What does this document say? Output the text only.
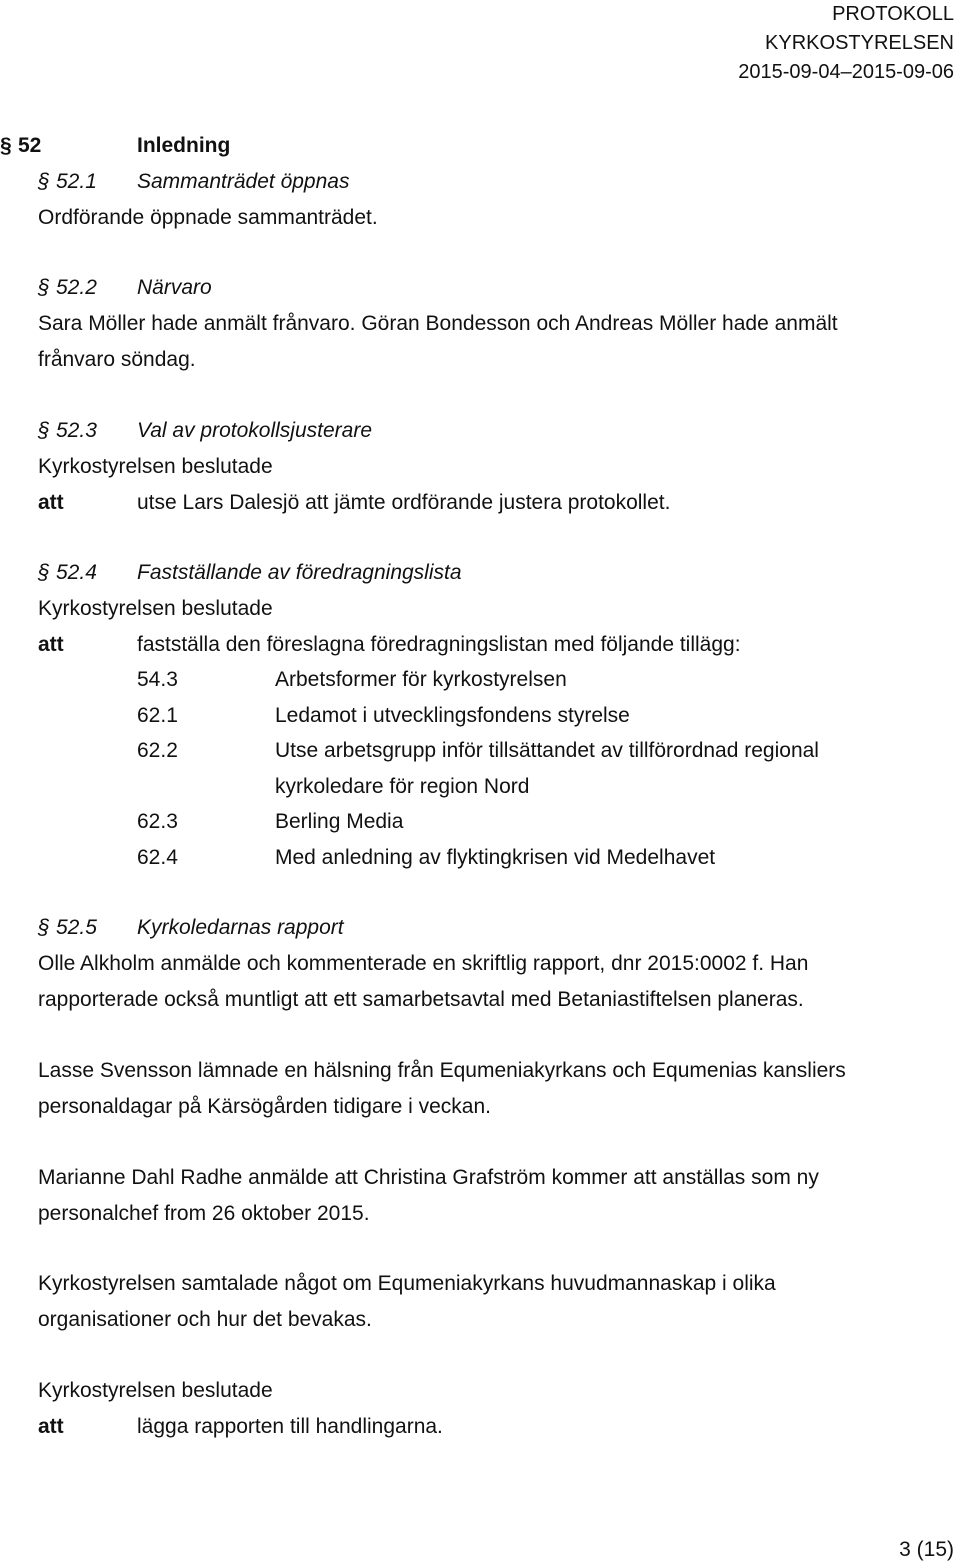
PROTOKOLL
KYRKOSTYRELSEN
2015-09-04–2015-09-06
§ 52	Inledning
§ 52.1 Sammanträdet öppnas
Ordförande öppnade sammanträdet.
§ 52.2 Närvaro
Sara Möller hade anmält frånvaro. Göran Bondesson och Andreas Möller hade anmält
frånvaro söndag.
§ 52.3 Val av protokollsjusterare
Kyrkostyrelsen beslutade
att	utse Lars Dalesjö att jämte ordförande justera protokollet.
§ 52.4 Fastställande av föredragningslista
Kyrkostyrelsen beslutade
att	fastställa den föreslagna föredragningslistan med följande tillägg:
54.3	Arbetsformer för kyrkostyrelsen
62.1	Ledamot i utvecklingsfondens styrelse
62.2	Utse arbetsgrupp inför tillsättandet av tillförordnad regional
kyrkoledare för region Nord
62.3	Berling Media
62.4	Med anledning av flyktingkrisen vid Medelhavet
§ 52.5 Kyrkoledarnas rapport
Olle Alkholm anmälde och kommenterade en skriftlig rapport, dnr 2015:0002 f. Han
rapporterade också muntligt att ett samarbetsavtal med Betaniastiftelsen planeras.
Lasse Svensson lämnade en hälsning från Equmeniakyrkans och Equmenias kansliers
personaldagar på Kärsögården tidigare i veckan.
Marianne Dahl Radhe anmälde att Christina Grafström kommer att anställas som ny
personalchef from 26 oktober 2015.
Kyrkostyrelsen samtalade något om Equmeniakyrkans huvudmannaskap i olika
organisationer och hur det bevakas.
Kyrkostyrelsen beslutade
att	lägga rapporten till handlingarna.
3 (15)
